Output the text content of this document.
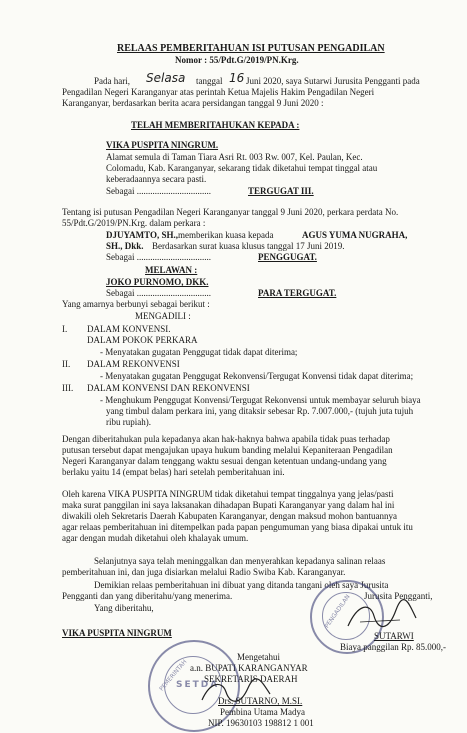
RELAAS PEMBERITAHUAN ISI PUTUSAN PENGADILAN
Nomor : 55/Pdt.G/2019/PN.Krg.
Pada hari, Selasa tanggal 16 Juni 2020, saya Sutarwi Jurusita Pengganti pada
Pengadilan Negeri Karanganyar atas perintah Ketua Majelis Hakim Pengadilan Negeri
Karanganyar, berdasarkan berita acara persidangan tanggal 9 Juni 2020 :
TELAH MEMBERITAHUKAN KEPADA :
VIKA PUSPITA NINGRUM.
Alamat semula di Taman Tiara Asri Rt. 003 Rw. 007, Kel. Paulan, Kec.
Colomadu, Kab. Karanganyar, sekarang tidak diketahui tempat tinggal atau
keberadaannya secara pasti.
Sebagai .................................	TERGUGAT III.
Tentang isi putusan Pengadilan Negeri Karanganyar tanggal 9 Juni 2020, perkara perdata No.
55/Pdt.G/2019/PN.Krg. dalam perkara :
DJUYAMTO, SH., memberikan kuasa kepada	AGUS YUMA NUGRAHA,
SH., Dkk. Berdasarkan surat kuasa klusus tanggal 17 Juni 2019.
Sebagai .................................	PENGGUGAT.
MELAWAN :
JOKO PURNOMO, DKK.
Sebagai .................................	PARA TERGUGAT.
Yang amarnya berbunyi sebagai berikut :
MENGADILI :
I. DALAM KONVENSI.
DALAM POKOK PERKARA
- Menyatakan gugatan Penggugat tidak dapat diterima;
II. DALAM REKONVENSI
- Menyatakan gugatan Penggugat Rekonvensi/Tergugat Konvensi tidak dapat diterima;
III. DALAM KONVENSI DAN REKONVENSI
- Menghukum Penggugat Konvensi/Tergugat Rekonvensi untuk membayar seluruh biaya
yang timbul dalam perkara ini, yang ditaksir sebesar Rp. 7.007.000,- (tujuh juta tujuh
ribu rupiah).
Dengan diberitahukan pula kepadanya akan hak-haknya bahwa apabila tidak puas terhadap
putusan tersebut dapat mengajukan upaya hukum banding melalui Kepaniteraan Pengadilan
Negeri Karanganyar dalam tenggang waktu sesuai dengan ketentuan undang-undang yang
berlaku yaitu 14 (empat belas) hari setelah pemberitahuan ini.
Oleh karena VIKA PUSPITA NINGRUM tidak diketahui tempat tinggalnya yang jelas/pasti
maka surat panggilan ini saya laksanakan dihadapan Bupati Karanganyar yang dalam hal ini
diwakili oleh Sekretaris Daerah Kabupaten Karanganyar, dengan maksud mohon bantuannya
agar relaas pemberitahuan ini ditempelkan pada papan pengumuman yang biasa dipakai untuk itu
agar dengan mudah diketahui oleh khalayak umum.
Selanjutnya saya telah meninggalkan dan menyerahkan kepadanya salinan relaas
pemberitahuan ini, dan juga disiarkan melalui Radio Swiba Kab. Karanganyar.
Demikian relaas pemberitahuan ini dibuat yang ditanda tangani oleh saya Jurusita
Pengganti dan yang diberitahu/yang menerima.
Yang diberitahu,
Jurusita Pengganti,
PENGADILAN
VIKA PUSPITA NINGRUM	SUTARWI
Biaya panggilan Rp. 85.000,-
Mengetahui
a.n. BUPATI KARANGANYAR
SEKRETARIS DAERAH
PEMERINTAH
SETDA
Drs. SUTARNO, M.SI.
Pembina Utama Madya
NIP. 19630103 198812 1 001
